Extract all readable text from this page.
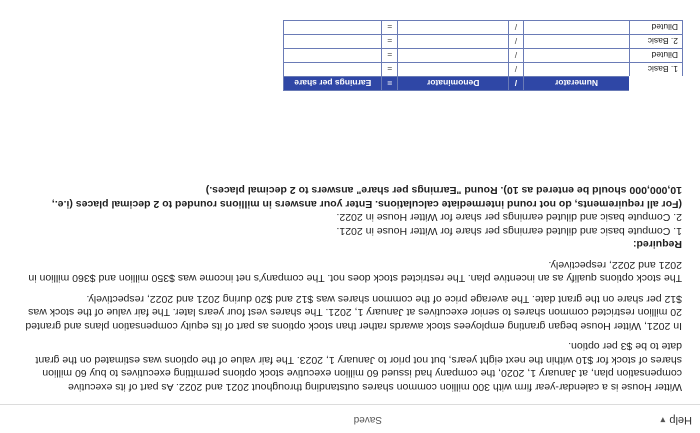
Help
▾
Saved

Witter House is a calendar-year firm with 300 million common shares outstanding throughout 2021 and 2022. As part of its executive compensation plan, at January 1, 2020, the company had issued 60 million executive stock options permitting executives to buy 60 million shares of stock for $10 within the next eight years, but not prior to January 1, 2023. The fair value of the options was estimated on the grant date to be $3 per option.

In 2021, Witter House began granting employees stock awards rather than stock options as part of its equity compensation plans and granted 20 million restricted common shares to senior executives at January 1, 2021. The shares vest four years later. The fair value of the stock was $12 per share on the grant date. The average price of the common shares was $12 and $20 during 2021 and 2022, respectively.

The stock options qualify as an incentive plan. The restricted stock does not. The company's net income was $350 million and $360 million in 2021 and 2022, respectively.

Required:
1. Compute basic and diluted earnings per share for Witter House in 2021.
2. Compute basic and diluted earnings per share for Witter House in 2022.
(For all requirements, do not round intermediate calculations. Enter your answers in millions rounded to 2 decimal places (i.e., 10,000,000 should be entered as 10). Round "Earnings per share" answers to 2 decimal places.)
	Numerator	/	Denominator	=	Earnings per share
1. Basic		/		=	
Diluted		/		=	
2. Basic		/		=	
Diluted		/		=	
